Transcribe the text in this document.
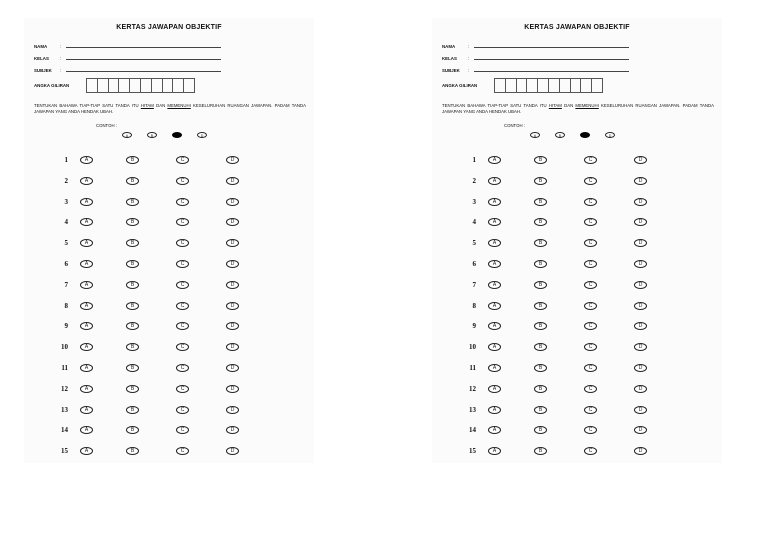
KERTAS JAWAPAN OBJEKTIF
NAMA	:
KELAS	:
SUBJEK :
ANGKA GILIRAN
TENTUKAN BAHAWA TIAP-TIAP SATU TANDA ITU HITAM DAN MEMENUHI KESELURUHAN RUANGAN JAWAPAN. PADAM TANDA JAWAPAN YANG ANDA HENDAK UBAH.
CONTOH :
A	B	D
1	A	B	C	D
2	A	B	C	D
3	A	B	C	D
4	A	B	C	D
5	A	B	C	D
6	A	B	C	D
7	A	B	C	D
8	A	B	C	D
9	A	B	C	D
10	A	B	C	D
11	A	B	C	D
12	A	B	C	D
13	A	B	C	D
14	A	B	C	D
15	A	B	C	D
KERTAS JAWAPAN OBJEKTIF
NAMA	:
KELAS	:
SUBJEK :
ANGKA GILIRAN
TENTUKAN BAHAWA TIAP-TIAP SATU TANDA ITU HITAM DAN MEMENUHI KESELURUHAN RUANGAN JAWAPAN. PADAM TANDA JAWAPAN YANG ANDA HENDAK UBAH.
CONTOH :
A	B	D
1	A	B	C	D
2	A	B	C	D
3	A	B	C	D
4	A	B	C	D
5	A	B	C	D
6	A	B	C	D
7	A	B	C	D
8	A	B	C	D
9	A	B	C	D
10	A	B	C	D
11	A	B	C	D
12	A	B	C	D
13	A	B	C	D
14	A	B	C	D
15	A	B	C	D
